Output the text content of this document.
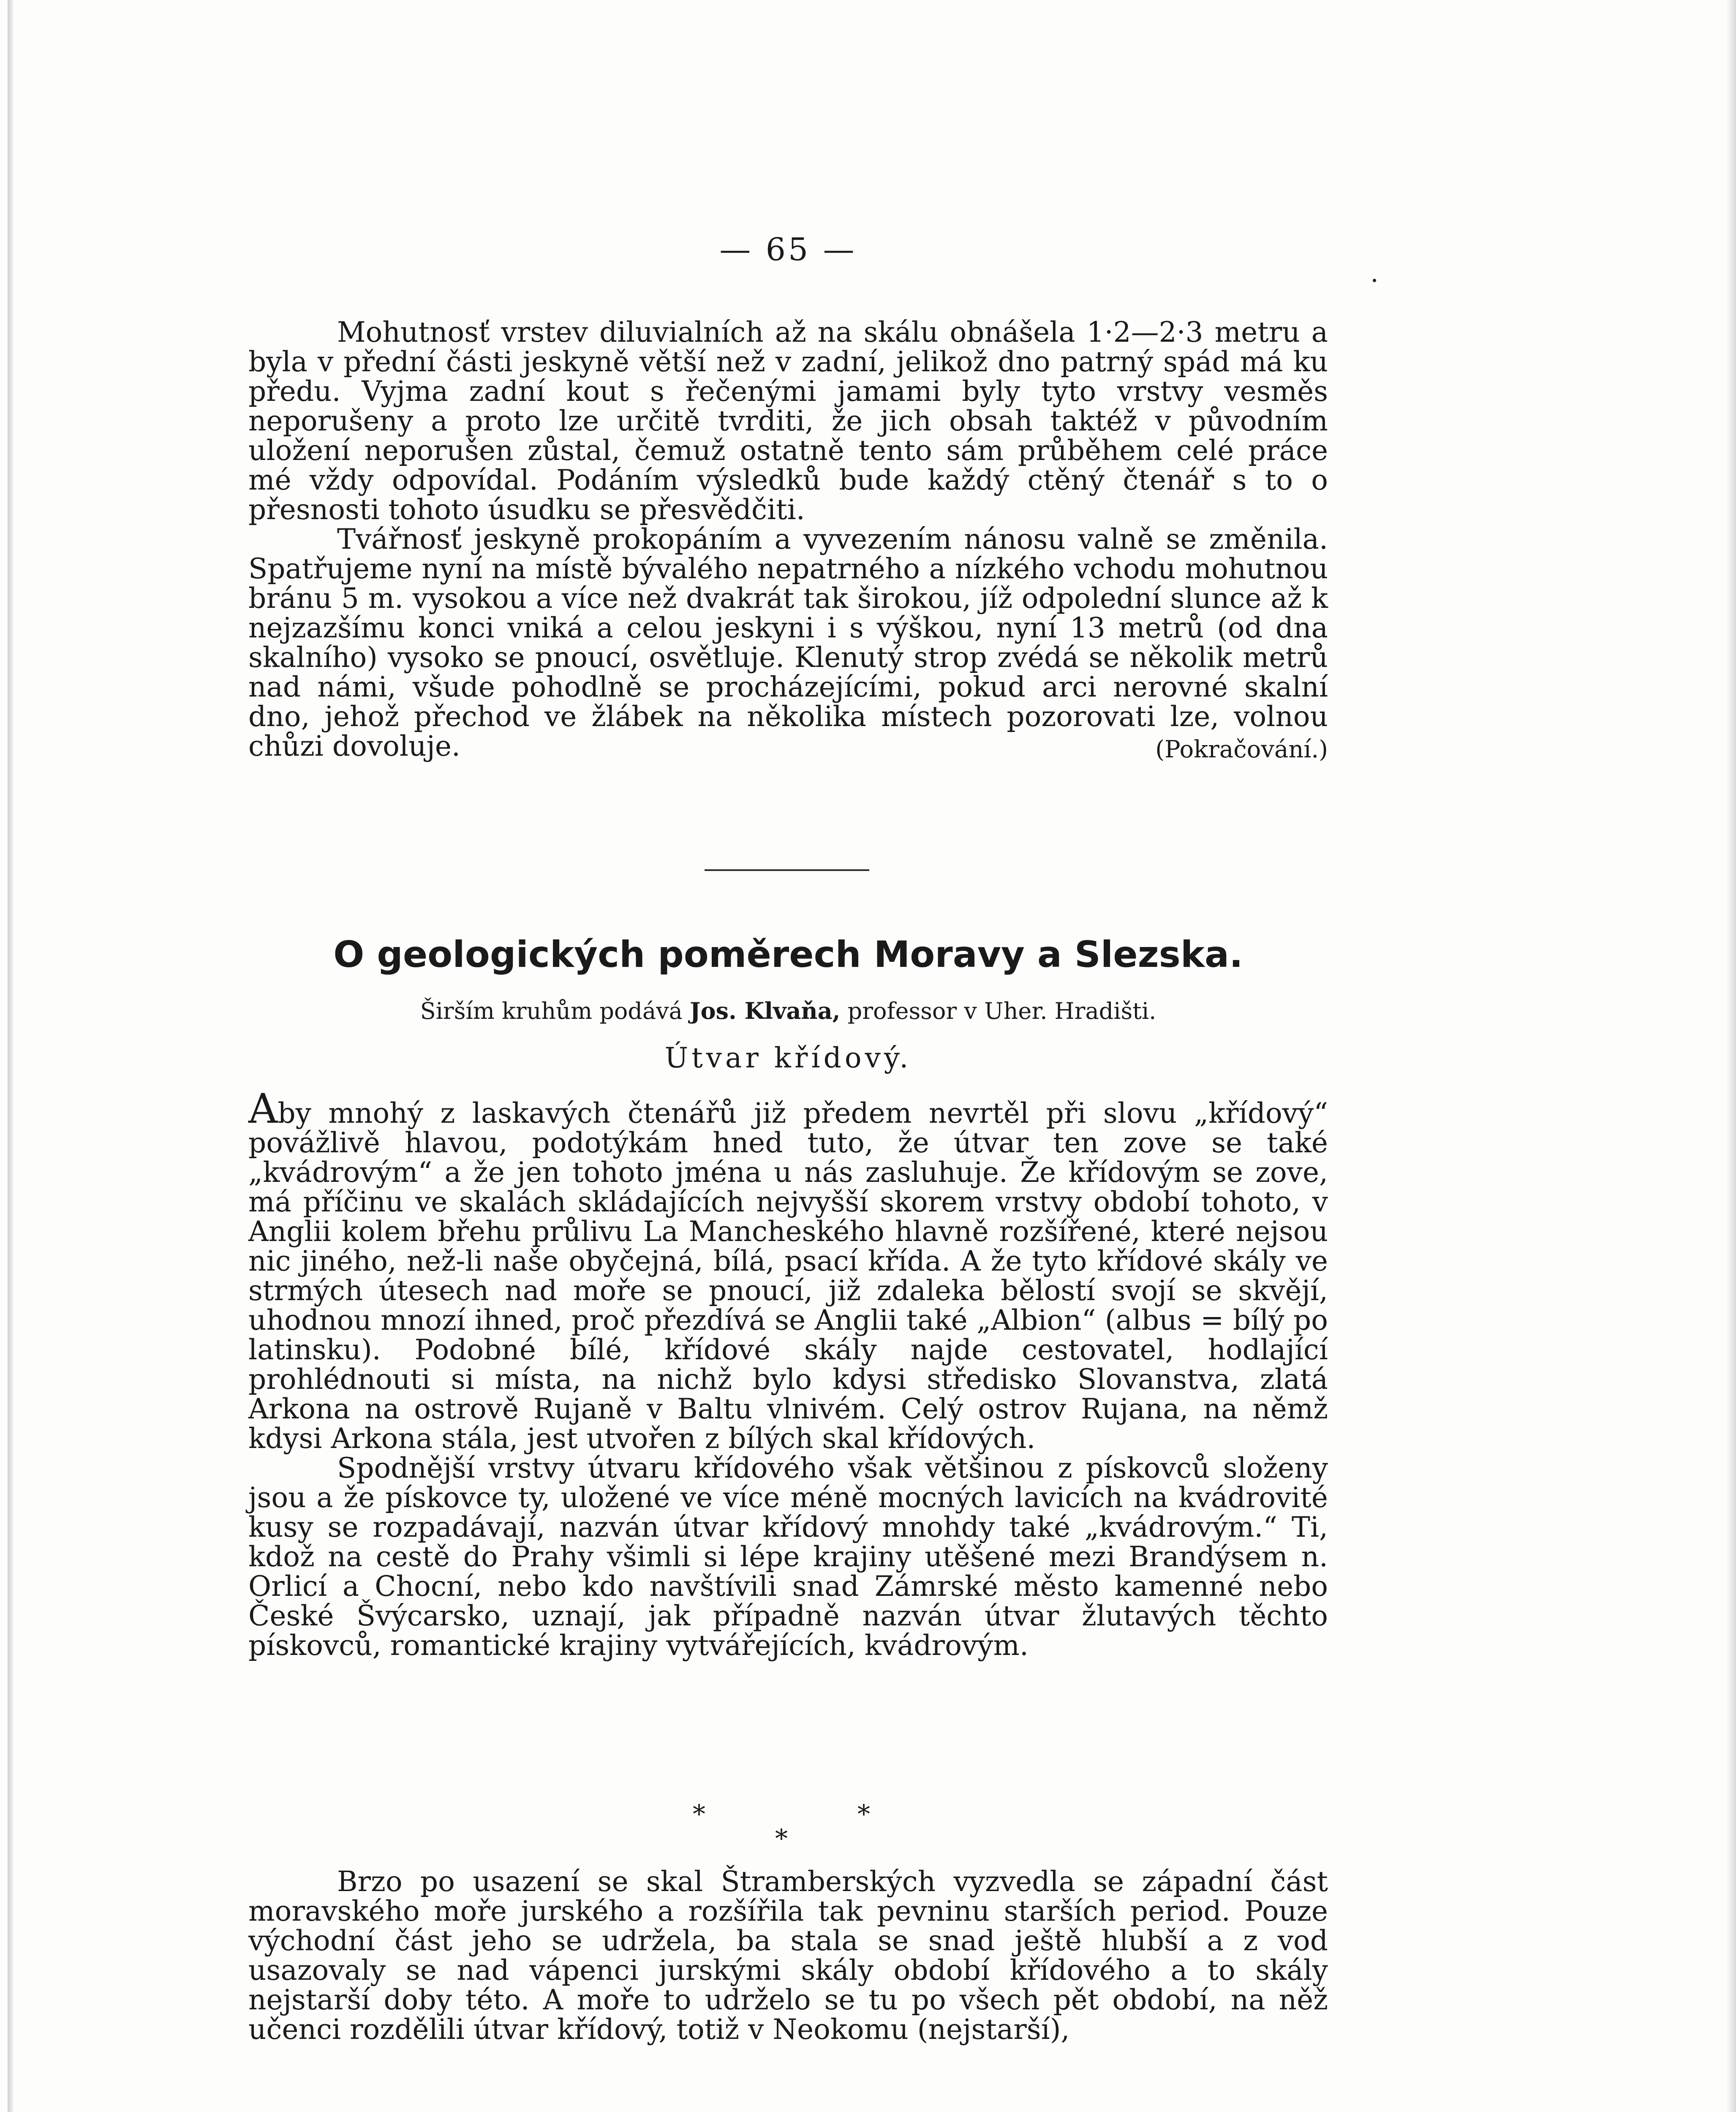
— 65 —

Mohutnosť vrstev diluvialních až na skálu obnášela 1·2—2·3 metru a byla v přední části jeskyně větší než v zadní, jelikož dno patrný spád má ku předu. Vyjma zadní kout s řečenými jamami byly tyto vrstvy vesměs neporušeny a proto lze určitě tvrditi, že jich obsah taktéž v původním uložení neporušen zůstal, čemuž ostatně tento sám průběhem celé práce mé vždy odpovídal. Podáním výsledků bude každý ctěný čtenář s to o přesnosti tohoto úsudku se přesvědčiti.

Tvářnosť jeskyně prokopáním a vyvezením nánosu valně se změnila. Spatřujeme nyní na místě bývalého nepatrného a nízkého vchodu mohutnou bránu 5 m. vysokou a více než dvakrát tak širokou, jíž odpolední slunce až k nejzazšímu konci vniká a celou jeskyni i s výškou, nyní 13 metrů (od dna skalního) vysoko se pnoucí, osvětluje. Klenutý strop zvédá se několik metrů nad námi, všude pohodlně se procházejícími, pokud arci nerovné skalní dno, jehož přechod ve žlábek na několika místech pozorovati lze, volnou chůzi dovoluje.	(Pokračování.)

O geologických poměrech Moravy a Slezska.
Širším kruhům podává Jos. Klvaňa, professor v Uher. Hradišti.
Útvar křídový.

Aby mnohý z laskavých čtenářů již předem nevrtěl při slovu „křídový“ povážlivě hlavou, podotýkám hned tuto, že útvar ten zove se také „kvádrovým“ a že jen tohoto jména u nás zasluhuje. Že křídovým se zove, má příčinu ve skalách skládajících nejvyšší skorem vrstvy období tohoto, v Anglii kolem břehu průlivu La Mancheského hlavně rozšířené, které nejsou nic jiného, než-li naše obyčejná, bílá, psací křída. A že tyto křídové skály ve strmých útesech nad moře se pnoucí, již zdaleka bělostí svojí se skvějí, uhodnou mnozí ihned, proč přezdívá se Anglii také „Albion“ (albus = bílý po latinsku). Podobné bílé, křídové skály najde cestovatel, hodlající prohlédnouti si místa, na nichž bylo kdysi středisko Slovanstva, zlatá Arkona na ostrově Rujaně v Baltu vlnivém. Celý ostrov Rujana, na němž kdysi Arkona stála, jest utvořen z bílých skal křídových.

Spodnější vrstvy útvaru křídového však většinou z pískovců složeny jsou a že pískovce ty, uložené ve více méně mocných lavicích na kvádrovité kusy se rozpadávají, nazván útvar křídový mnohdy také „kvádrovým.“ Ti, kdož na cestě do Prahy všimli si lépe krajiny utěšené mezi Brandýsem n. Orlicí a Chocní, nebo kdo navštívili snad Zámrské město kamenné nebo České Švýcarsko, uznají, jak případně nazván útvar žlutavých těchto pískovců, romantické krajiny vytvářejících, kvádrovým.

*
*
*

Brzo po usazení se skal Štramberských vyzvedla se západní část moravského moře jurského a rozšířila tak pevninu starších period. Pouze východní část jeho se udržela, ba stala se snad ještě hlubší a z vod usazovaly se nad vápenci jurskými skály období křídového a to skály nejstarší doby této. A moře to udrželo se tu po všech pět období, na něž učenci rozdělili útvar křídový, totiž v Neokomu (nejstarší),
